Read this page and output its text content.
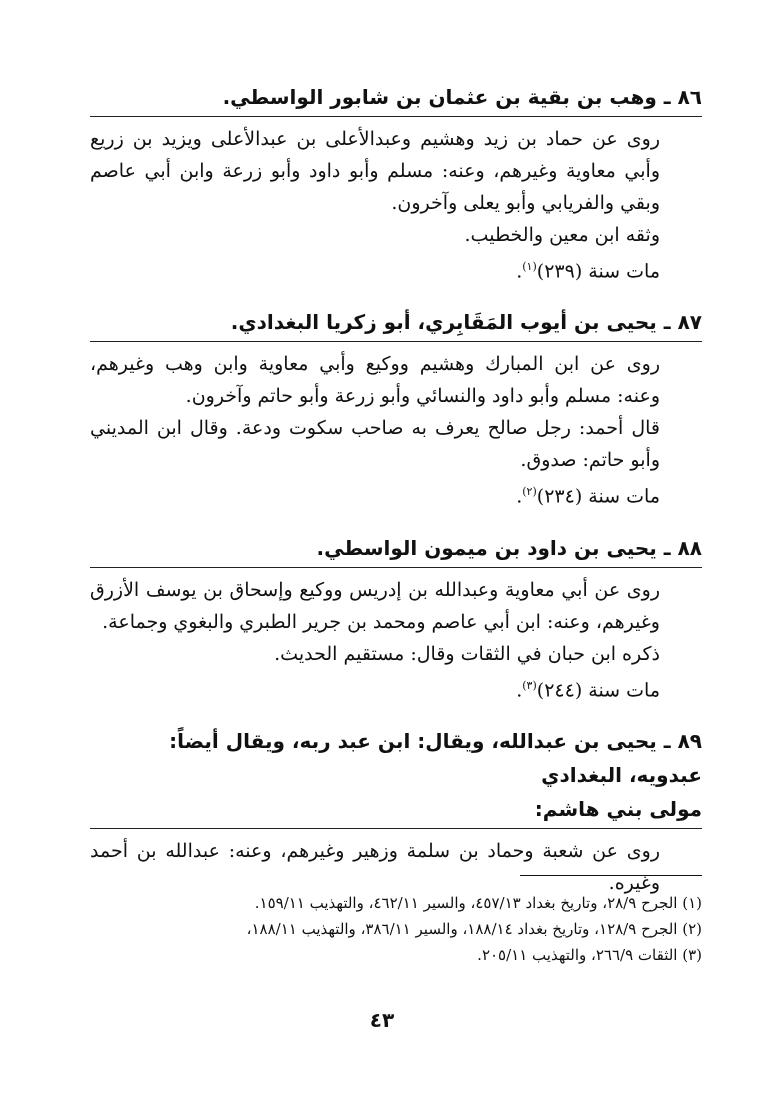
٨٦ ـ وهب بن بقية بن عثمان بن شابور الواسطي.

روى عن حماد بن زيد وهشيم وعبدالأعلى بن عبدالأعلى ويزيد بن زريع وأبي معاوية وغيرهم، وعنه: مسلم وأبو داود وأبو زرعة وابن أبي عاصم وبقي والفريابي وأبو يعلى وآخرون.

وثقه ابن معين والخطيب.
مات سنة (٢٣٩)$^{(١)}$.
٨٧ ـ يحيى بن أيوب المَقَابِري، أبو زكريا البغدادي.

روى عن ابن المبارك وهشيم ووكيع وأبي معاوية وابن وهب وغيرهم، وعنه: مسلم وأبو داود والنسائي وأبو زرعة وأبو حاتم وآخرون.

قال أحمد: رجل صالح يعرف به صاحب سكوت ودعة. وقال ابن المديني وأبو حاتم: صدوق.

مات سنة (٢٣٤)$^{(٢)}$.
٨٨ ـ يحيى بن داود بن ميمون الواسطي.

روى عن أبي معاوية وعبدالله بن إدريس ووكيع وإسحاق بن يوسف الأزرق وغيرهم، وعنه: ابن أبي عاصم ومحمد بن جرير الطبري والبغوي وجماعة.

ذكره ابن حبان في الثقات وقال: مستقيم الحديث.
مات سنة (٢٤٤)$^{(٣)}$.
٨٩ ـ يحيى بن عبدالله، ويقال: ابن عبد ربه، ويقال أيضاً: عبدويه، البغدادي
مولى بني هاشم:

روى عن شعبة وحماد بن سلمة وزهير وغيرهم، وعنه: عبدالله بن أحمد وغيره.

(١) الجرح ٢٨/٩، وتاريخ بغداد ٤٥٧/١٣، والسير ٤٦٢/١١، والتهذيب ١٥٩/١١.
(٢) الجرح ١٢٨/٩، وتاريخ بغداد ١٨٨/١٤، والسير ٣٨٦/١١، والتهذيب ١٨٨/١١،
(٣) الثقات ٢٦٦/٩، والتهذيب ٢٠٥/١١.
٤٣
